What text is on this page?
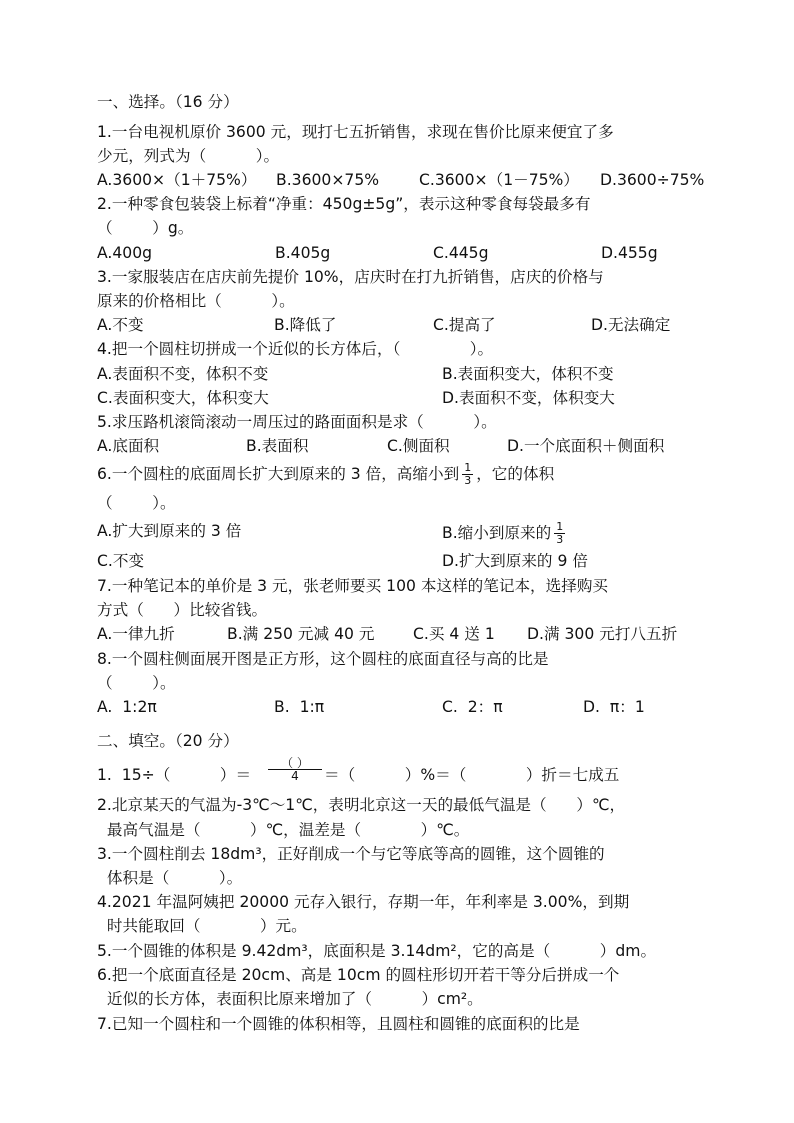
一、选择。（16 分）

1.一台电视机原价 3600 元，现打七五折销售，求现在售价比原来便宜了多

少元，列式为（          ）。

A.3600×（1＋75%） B.3600×75%	C.3600×（1－75%） D.3600÷75%

2.一种零食包装袋上标着“净重：450g±5g”，表示这种零食每袋最多有

（        ）g。

A.400g	B.405g	C.445g	D.455g

3.一家服装店在店庆前先提价 10%，店庆时在打九折销售，店庆的价格与

原来的价格相比（          ）。

A.不变	B.降低了	C.提高了	D.无法确定

4.把一个圆柱切拼成一个近似的长方体后，（              ）。

A.表面积不变，体积不变	B.表面积变大，体积不变

C.表面积变大，体积变大	D.表面积不变，体积变大

5.求压路机滚筒滚动一周压过的路面面积是求（          ）。

A.底面积	B.表面积	C.侧面积	D.一个底面积＋侧面积

6.一个圆柱的底面周长扩大到原来的 3 倍，高缩小到 $\frac{1}{3}$ ，它的体积

（        ）。

A.扩大到原来的 3 倍	B.缩小到原来的 $\frac{1}{3}$

C.不变	D.扩大到原来的 9 倍

7.一种笔记本的单价是 3 元，张老师要买 100 本这样的笔记本，选择购买

方式（      ）比较省钱。

A.一律九折	B.满 250 元减 40 元 C.买 4 送 1 D.满 300 元打八五折

8.一个圆柱侧面展开图是正方形，这个圆柱的底面直径与高的比是

（        ）。

A.  1:2π	B.  1:π	C.  2：π	D.  π：1

二、填空。（20 分）

1.  15÷（          ）＝

（ ）
4	＝（          ）%＝（            ）折＝七成五

2.北京某天的气温为-3℃～1℃，表明北京这一天的最低气温是（      ）℃，

最高气温是（          ）℃，温差是（            ）℃。

3.一个圆柱削去 18dm³，正好削成一个与它等底等高的圆锥，这个圆锥的

体积是（          ）。

4.2021 年温阿姨把 20000 元存入银行，存期一年，年利率是 3.00%，到期

时共能取回（            ）元。

5.一个圆锥的体积是 9.42dm³，底面积是 3.14dm²，它的高是（          ）dm。

6.把一个底面直径是 20cm、高是 10cm 的圆柱形切开若干等分后拼成一个

近似的长方体，表面积比原来增加了（          ）cm²。

7.已知一个圆柱和一个圆锥的体积相等，且圆柱和圆锥的底面积的比是
